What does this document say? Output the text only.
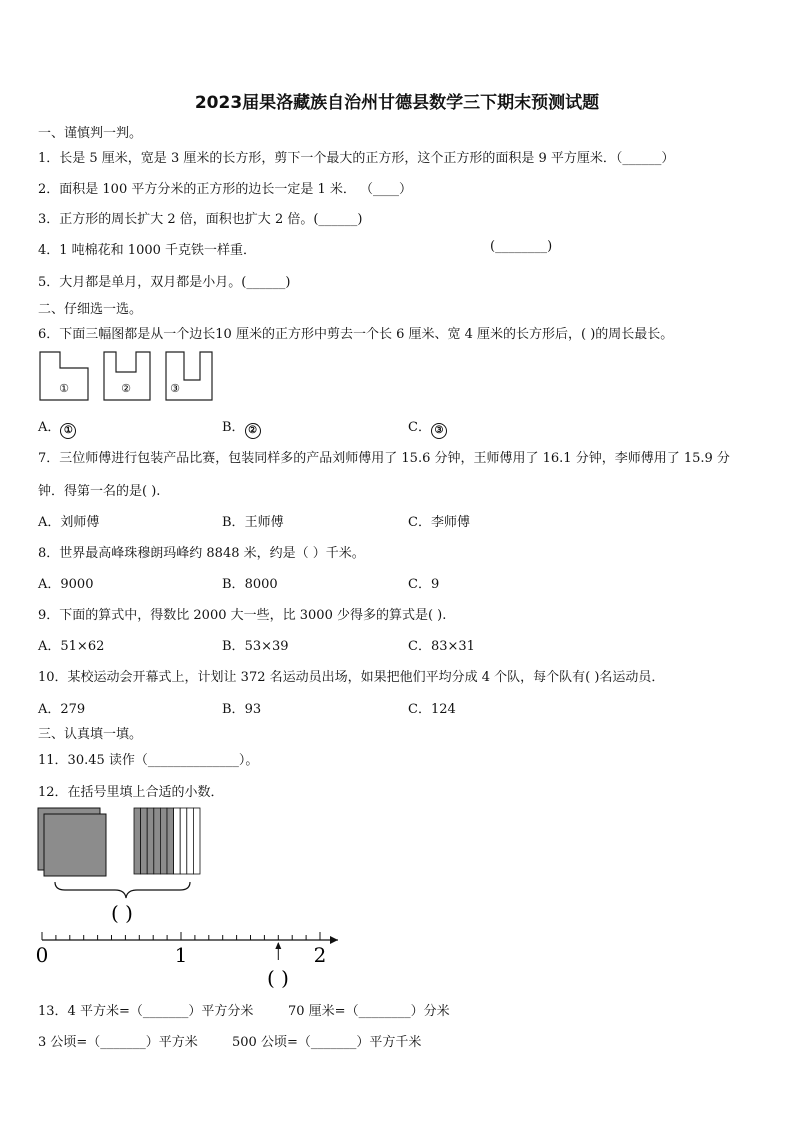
2023届果洛藏族自治州甘德县数学三下期末预测试题
一、谨慎判一判。
1．长是 5 厘米，宽是 3 厘米的长方形，剪下一个最大的正方形，这个正方形的面积是 9 平方厘米．（______）
2．面积是 100 平方分米的正方形的边长一定是 1 米． （____）
3．正方形的周长扩大 2 倍，面积也扩大 2 倍。(______)
4．1 吨棉花和 1000 千克铁一样重．	(________)
5．大月都是单月，双月都是小月。(______)
二、仔细选一选。
6．下面三幅图都是从一个边长10 厘米的正方形中剪去一个长 6 厘米、宽 4 厘米的长方形后，( )的周长最长。
①	②	③
A． ①	B． ②	C． ③
7．三位师傅进行包装产品比赛，包装同样多的产品刘师傅用了 15.6 分钟，王师傅用了 16.1 分钟，李师傅用了 15.9 分
钟．得第一名的是( ).
A．刘师傅	B．王师傅	C．李师傅
8．世界最高峰珠穆朗玛峰约 8848 米，约是（ ）千米。
A．9000	B．8000	C．9
9．下面的算式中，得数比 2000 大一些，比 3000 少得多的算式是( ).
A．51×62	B．53×39	C．83×31
10．某校运动会开幕式上，计划让 372 名运动员出场，如果把他们平均分成 4 个队，每个队有( )名运动员．
A．279	B．93	C．124
三、认真填一填。
11．30.45 读作（______________）。
12．在括号里填上合适的小数．
( )
0	1	2
( )
13．4 平方米=（_______）平方分米	70 厘米=（________）分米
3 公顷=（_______）平方米	500 公顷=（_______）平方千米
